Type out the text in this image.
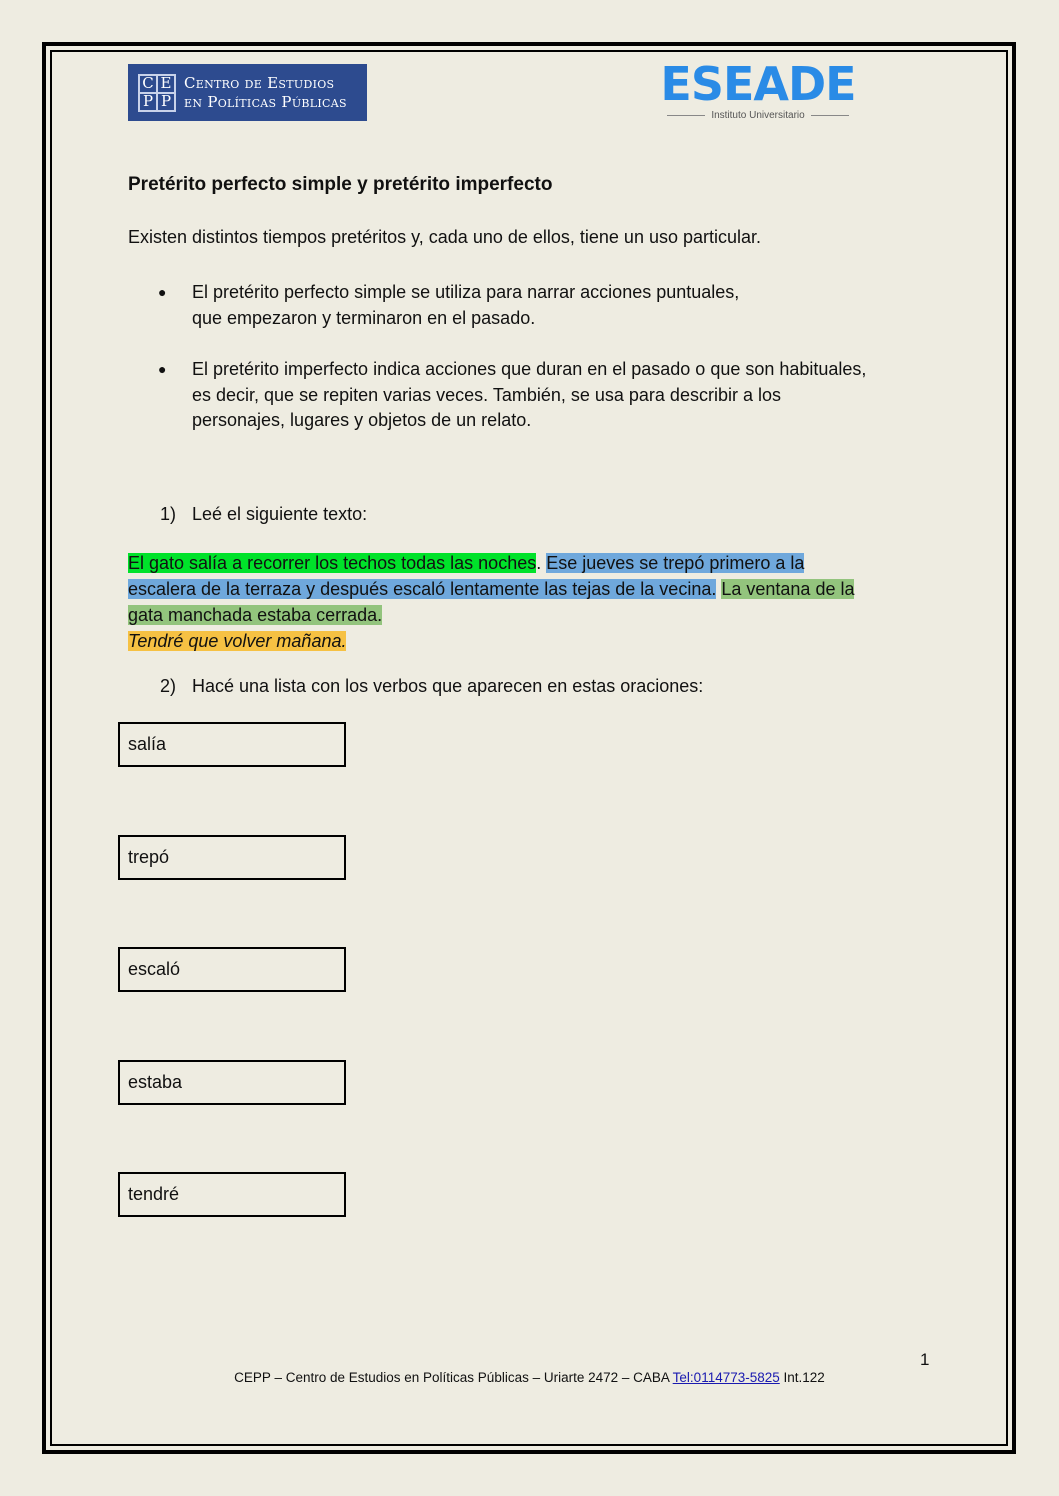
C E
P P
Centro de Estudios
en Políticas Públicas	ESEADE
Instituto Universitario
Pretérito perfecto simple y pretérito imperfecto
Existen distintos tiempos pretéritos y, cada uno de ellos, tiene un uso particular.
● El pretérito perfecto simple se utiliza para narrar acciones puntuales,
que empezaron y terminaron en el pasado.
● El pretérito imperfecto indica acciones que duran en el pasado o que son habituales,
es decir, que se repiten varias veces. También, se usa para describir a los
personajes, lugares y objetos de un relato.
1) Leé el siguiente texto:
El gato salía a recorrer los techos todas las noches. Ese jueves se trepó primero a la
escalera de la terraza y después escaló lentamente las tejas de la vecina. La ventana de la
gata manchada estaba cerrada.
Tendré que volver mañana.
2) Hacé una lista con los verbos que aparecen en estas oraciones:
salía
trepó
escaló
estaba
tendré
1
CEPP – Centro de Estudios en Políticas Públicas – Uriarte 2472 – CABA Tel:0114773-5825 Int.122
